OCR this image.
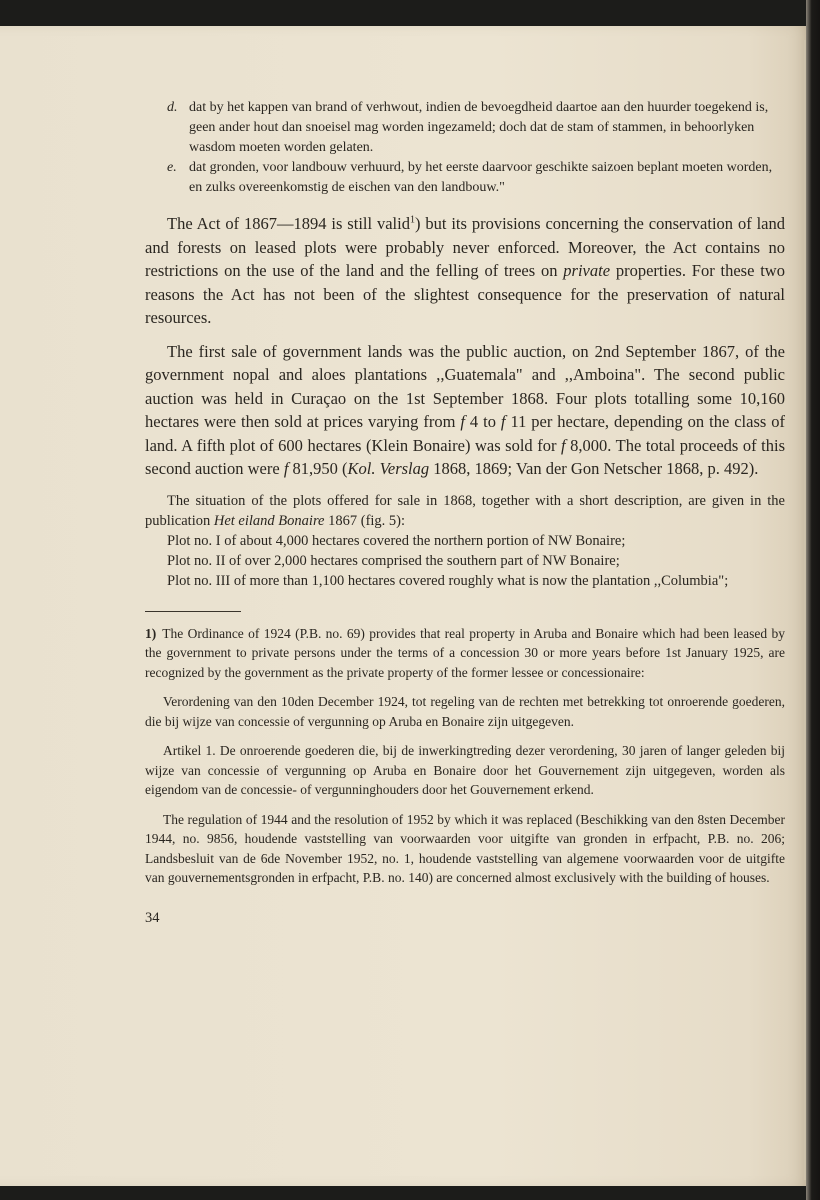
d. dat by het kappen van brand of verhwout, indien de bevoegdheid daartoe aan den huurder toegekend is, geen ander hout dan snoeisel mag worden ingezameld; doch dat de stam of stammen, in behoorlyken wasdom moeten worden gelaten.
e. dat gronden, voor landbouw verhuurd, by het eerste daarvoor geschikte saizoen beplant moeten worden, en zulks overeenkomstig de eischen van den landbouw."

The Act of 1867—1894 is still valid$^1$) but its provisions concerning the conservation of land and forests on leased plots were probably never enforced. Moreover, the Act contains no restrictions on the use of the land and the felling of trees on private properties. For these two reasons the Act has not been of the slightest consequence for the preservation of natural resources.

The first sale of government lands was the public auction, on 2nd September 1867, of the government nopal and aloes plantations ,,Guatemala" and ,,Amboina". The second public auction was held in Curaçao on the 1st September 1868. Four plots totalling some 10,160 hectares were then sold at prices varying from f 4 to f 11 per hectare, depending on the class of land. A fifth plot of 600 hectares (Klein Bonaire) was sold for f 8,000. The total proceeds of this second auction were f 81,950 (Kol. Verslag 1868, 1869; Van der Gon Netscher 1868, p. 492).

The situation of the plots offered for sale in 1868, together with a short description, are given in the publication Het eiland Bonaire 1867 (fig. 5):

Plot no. I of about 4,000 hectares covered the northern portion of NW Bonaire;

Plot no. II of over 2,000 hectares comprised the southern part of NW Bonaire;

Plot no. III of more than 1,100 hectares covered roughly what is now the plantation ,,Columbia";

1) The Ordinance of 1924 (P.B. no. 69) provides that real property in Aruba and Bonaire which had been leased by the government to private persons under the terms of a concession 30 or more years before 1st January 1925, are recognized by the government as the private property of the former lessee or concessionaire:

Verordening van den 10den December 1924, tot regeling van de rechten met betrekking tot onroerende goederen, die bij wijze van concessie of vergunning op Aruba en Bonaire zijn uitgegeven.

Artikel 1. De onroerende goederen die, bij de inwerkingtreding dezer verordening, 30 jaren of langer geleden bij wijze van concessie of vergunning op Aruba en Bonaire door het Gouvernement zijn uitgegeven, worden als eigendom van de concessie- of vergunninghouders door het Gouvernement erkend.

The regulation of 1944 and the resolution of 1952 by which it was replaced (Beschikking van den 8sten December 1944, no. 9856, houdende vaststelling van voorwaarden voor uitgifte van gronden in erfpacht, P.B. no. 206; Landsbesluit van de 6de November 1952, no. 1, houdende vaststelling van algemene voorwaarden voor de uitgifte van gouvernementsgronden in erfpacht, P.B. no. 140) are concerned almost exclusively with the building of houses.

34
